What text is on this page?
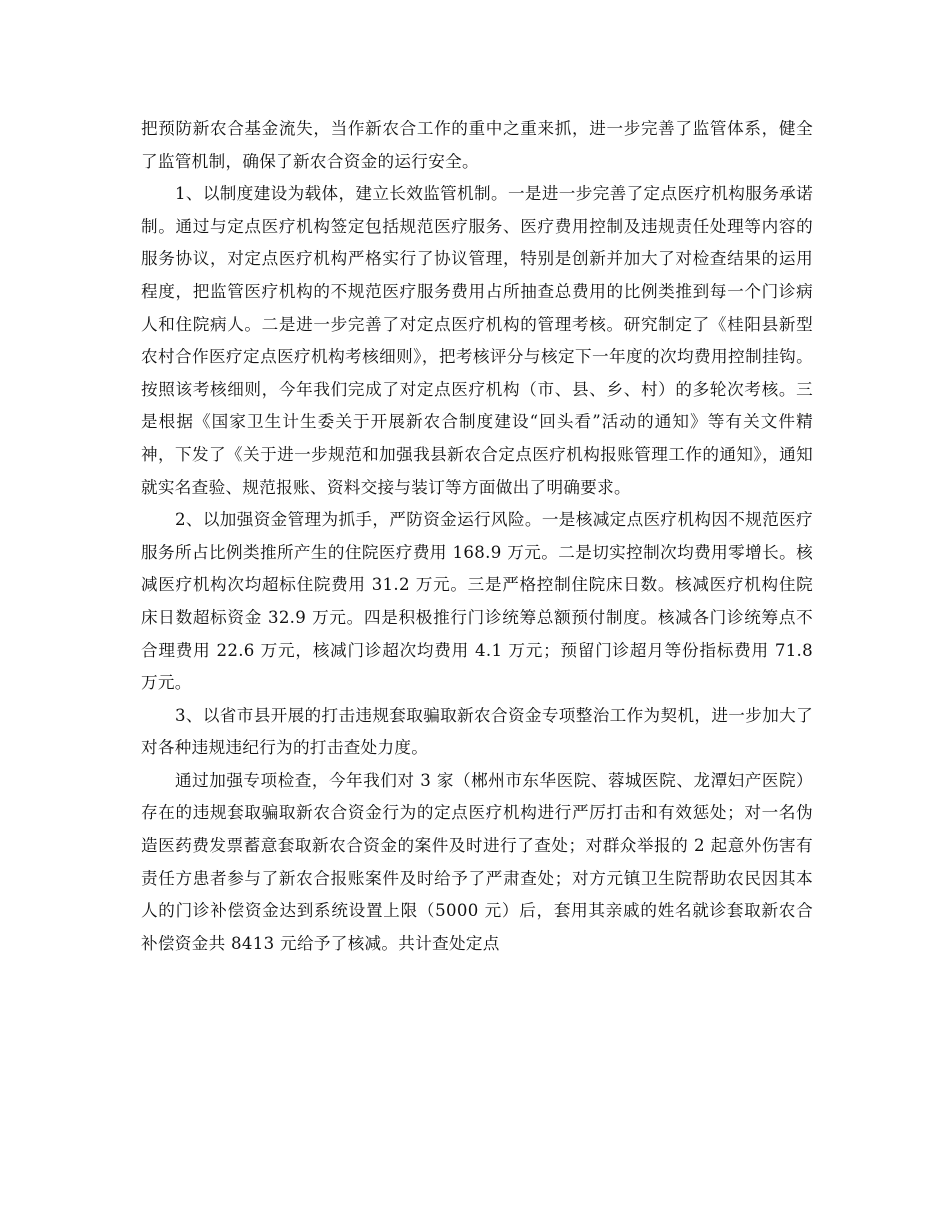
把预防新农合基金流失，当作新农合工作的重中之重来抓，进一步完善了监管体系，健全了监管机制，确保了新农合资金的运行安全。

1、以制度建设为载体，建立长效监管机制。一是进一步完善了定点医疗机构服务承诺制。通过与定点医疗机构签定包括规范医疗服务、医疗费用控制及违规责任处理等内容的服务协议，对定点医疗机构严格实行了协议管理，特别是创新并加大了对检查结果的运用程度，把监管医疗机构的不规范医疗服务费用占所抽查总费用的比例类推到每一个门诊病人和住院病人。二是进一步完善了对定点医疗机构的管理考核。研究制定了《桂阳县新型农村合作医疗定点医疗机构考核细则》，把考核评分与核定下一年度的次均费用控制挂钩。按照该考核细则，今年我们完成了对定点医疗机构（市、县、乡、村）的多轮次考核。三是根据《国家卫生计生委关于开展新农合制度建设“回头看”活动的通知》等有关文件精神，下发了《关于进一步规范和加强我县新农合定点医疗机构报账管理工作的通知》，通知就实名查验、规范报账、资料交接与装订等方面做出了明确要求。

2、以加强资金管理为抓手，严防资金运行风险。一是核减定点医疗机构因不规范医疗服务所占比例类推所产生的住院医疗费用 168.9 万元。二是切实控制次均费用零增长。核减医疗机构次均超标住院费用 31.2 万元。三是严格控制住院床日数。核减医疗机构住院床日数超标资金 32.9 万元。四是积极推行门诊统筹总额预付制度。核减各门诊统筹点不合理费用 22.6 万元，核减门诊超次均费用 4.1 万元；预留门诊超月等份指标费用 71.8 万元。

3、以省市县开展的打击违规套取骗取新农合资金专项整治工作为契机，进一步加大了对各种违规违纪行为的打击查处力度。

通过加强专项检查，今年我们对 3 家（郴州市东华医院、蓉城医院、龙潭妇产医院）存在的违规套取骗取新农合资金行为的定点医疗机构进行严厉打击和有效惩处；对一名伪造医药费发票蓄意套取新农合资金的案件及时进行了查处；对群众举报的 2 起意外伤害有责任方患者参与了新农合报账案件及时给予了严肃查处；对方元镇卫生院帮助农民因其本人的门诊补偿资金达到系统设置上限（5000 元）后，套用其亲戚的姓名就诊套取新农合补偿资金共 8413 元给予了核减。共计查处定点
